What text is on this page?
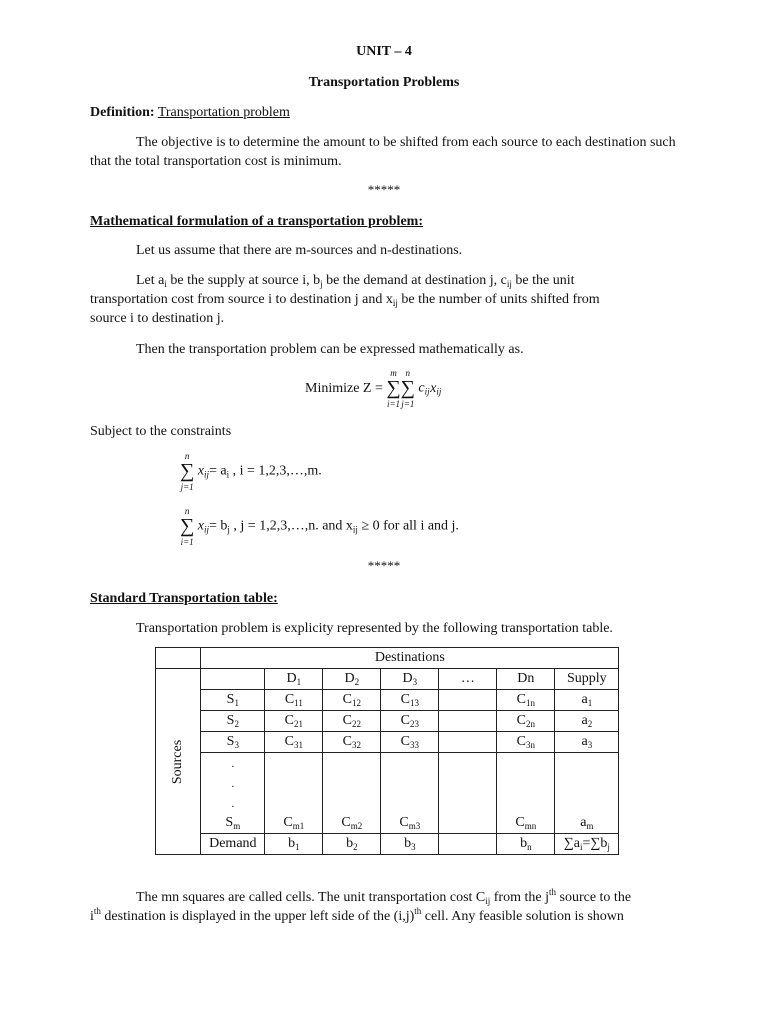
UNIT – 4
Transportation Problems
Definition: Transportation problem
The objective is to determine the amount to be shifted from each source to each destination such that the total transportation cost is minimum.
*****
Mathematical formulation of a transportation problem:
Let us assume that there are m-sources and n-destinations.
Let $a_i$ be the supply at source i, $b_j$ be the demand at destination j, $c_{ij}$ be the unit
transportation cost from source i to destination j and $x_{ij}$ be the number of units shifted from
source i to destination j.
Then the transportation problem can be expressed mathematically as.
Minimize Z =
m
∑
i=1
n
∑
j=1
$c_{ij}$ $x_{ij}$
Subject to the constraints
n
∑
j=1
$x_{ij}= a_i$ , i = 1,2,3,…,m.
n
∑
i=1
$x_{ij}= b_j$ , j = 1,2,3,…,n. and $x_{ij} \ge 0$ for all i and j.
*****
Standard Transportation table:
Transportation problem is explicity represented by the following transportation table.
	Destinations						
Sources		$D_1$	$D_2$	$D_3$	…	Dn	Supply
	$S_1$	$C_{11}$	$C_{12}$	$C_{13}$		$C_{1n}$	$a_1$
	$S_2$	$C_{21}$	$C_{22}$	$C_{23}$		$C_{2n}$	$a_2$
	$S_3$	$C_{31}$	$C_{32}$	$C_{33}$		$C_{3n}$	$a_3$

	.
.
.						

	$S_m$	$C_{m1}$	$C_{m2}$	$C_{m3}$		$C_{mn}$	$a_m$
	Demand	$b_1$	$b_2$	$b_3$		$b_n$	$\sum a_i=\sum b_j$
The mn squares are called cells. The unit transportation cost $C_{ij}$ from the $j^{th}$ source to the
$i^{th}$ destination is displayed in the upper left side of the $(i,j)^{th}$ cell. Any feasible solution is shown
